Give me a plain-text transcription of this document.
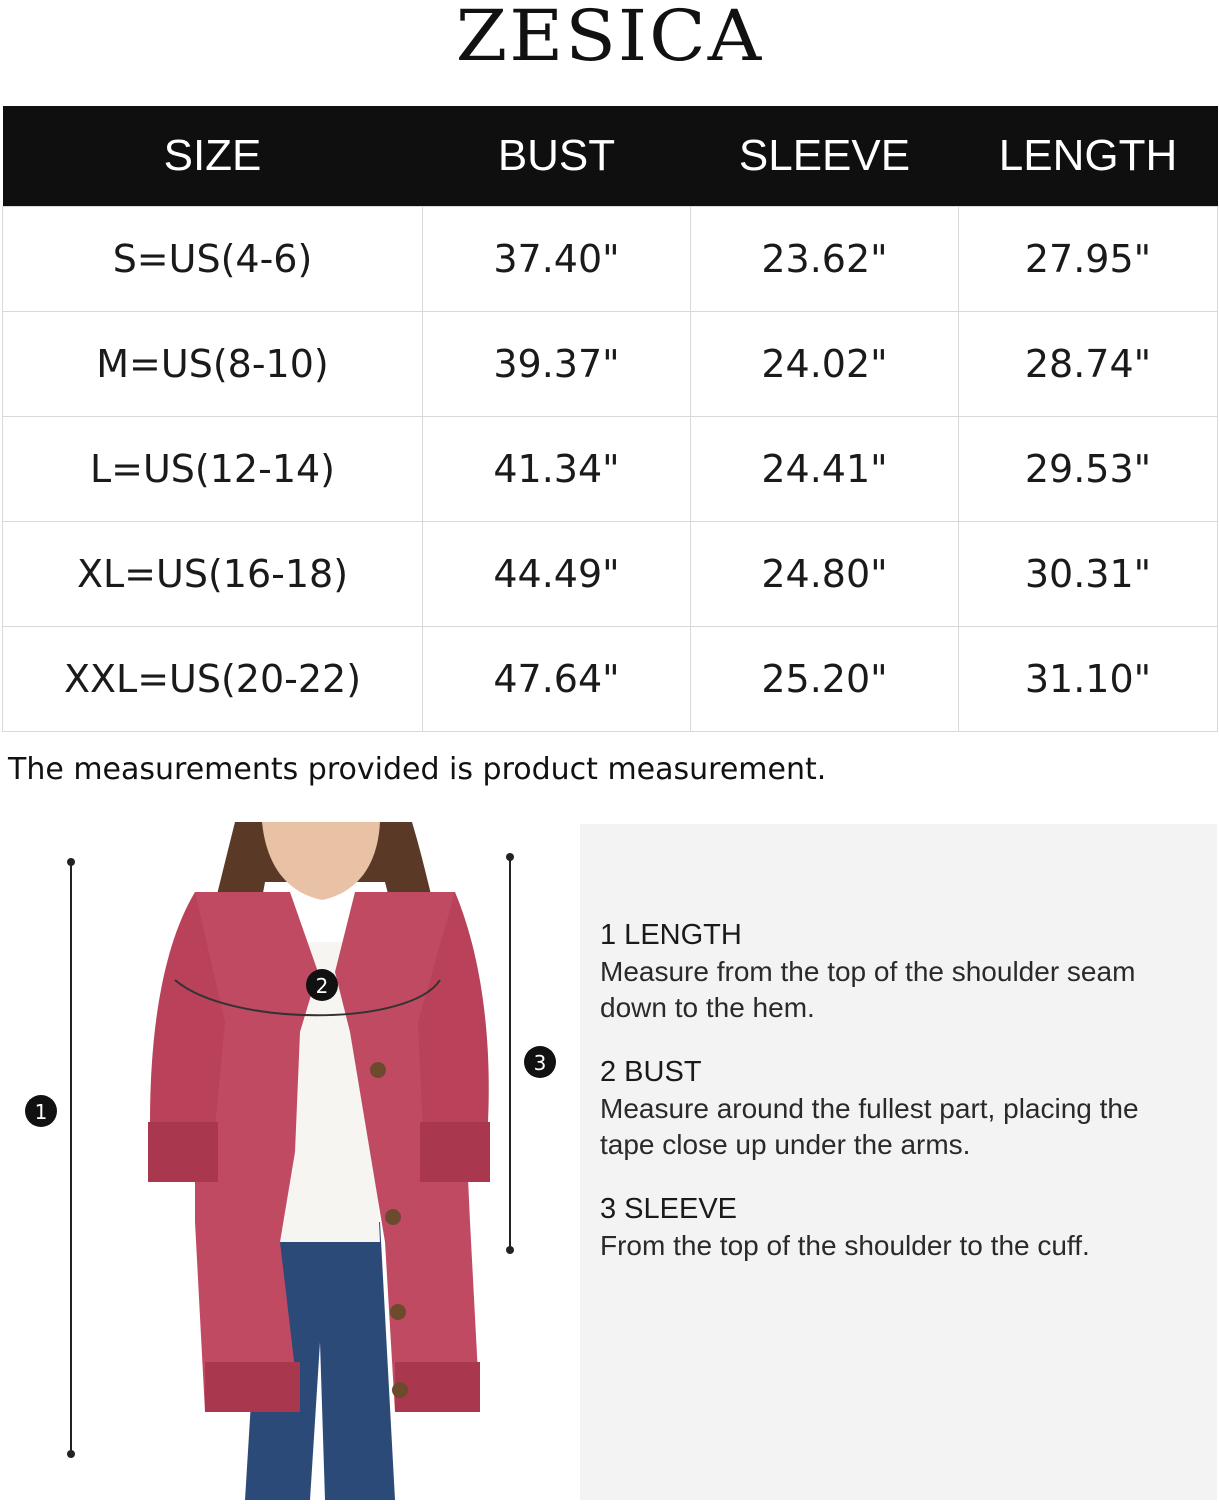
ZESICA
SIZE	BUST	SLEEVE	LENGTH
S=US(4-6)	37.40"	23.62"	27.95"
M=US(8-10)	39.37"	24.02"	28.74"
L=US(12-14)	41.34"	24.41"	29.53"
XL=US(16-18)	44.49"	24.80"	30.31"
XXL=US(20-22)	47.64"	25.20"	31.10"
The measurements provided is product measurement.
1
2
3
1 LENGTH
Measure from the top of the shoulder seam down to the hem.
2 BUST
Measure around the fullest part, placing the tape close up under the arms.
3 SLEEVE
From the top of the shoulder to the cuff.
